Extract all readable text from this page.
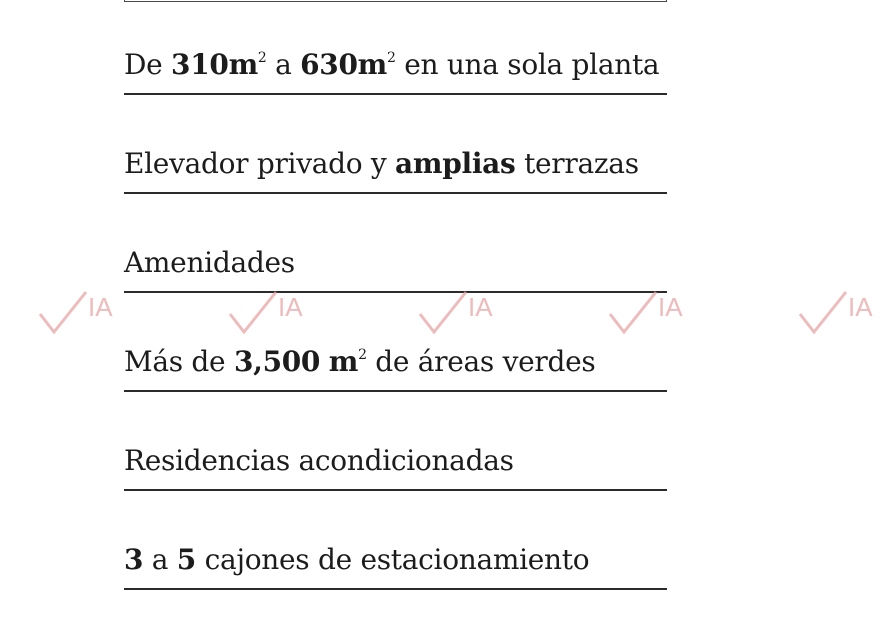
De $310m^2$ a $630m^2$ en una sola planta
Elevador privado y amplias terrazas
Amenidades
Más de 3,500 $m^2$ de áreas verdes
Residencias acondicionadas
3 a 5 cajones de estacionamiento
IA	IA	IA	IA	IA
